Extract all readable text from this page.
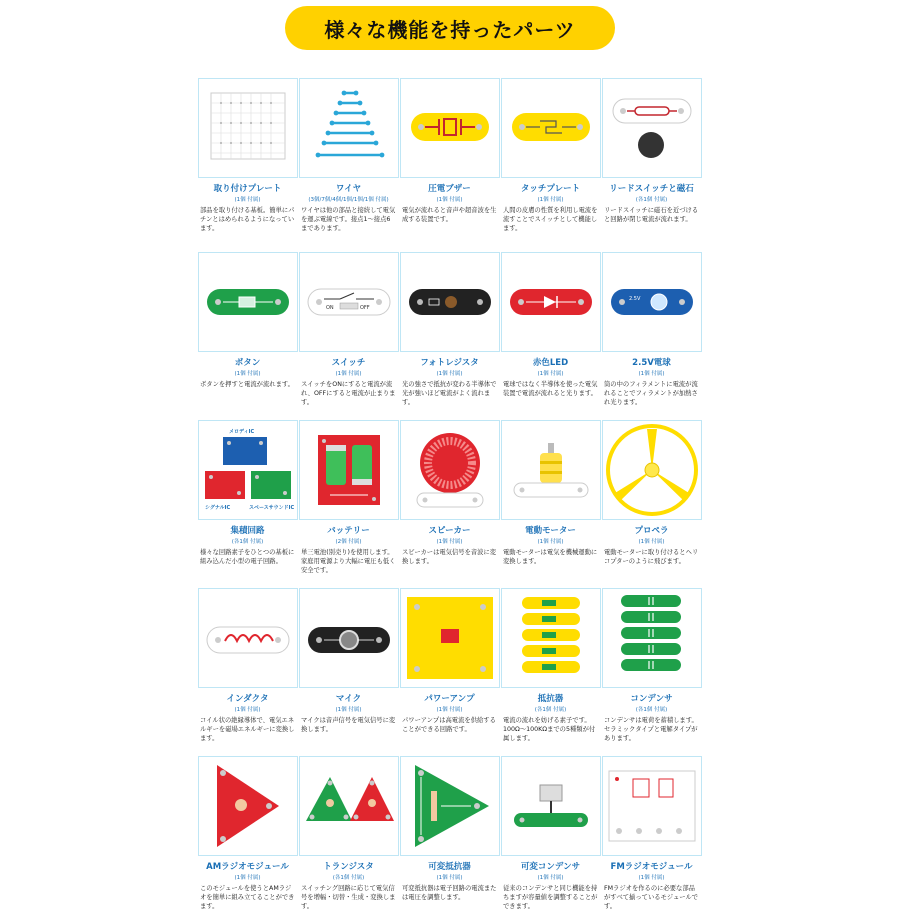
様々な機能を持ったパーツ
取り付けプレート
(1個 付属)
部品を取り付ける基板。簡単にパチンとはめられるようになっています。
ワイヤ
(3個/7個/4個/1個/1個/1個 付属)
ワイヤは他の部品と接続して電気を運ぶ電線です。接点1～接点6まであります。
圧電ブザー
(1個 付属)
電気が流れると音声や超音波を生成する装置です。
タッチプレート
(1個 付属)
人間の皮膚の性質を利用し電流を流すことでスイッチとして機能します。
リードスイッチと磁石
(各1個 付属)
リードスイッチに磁石を近づけると回路が閉じ電流が流れます。
ボタン
(1個 付属)
ボタンを押すと電流が流れます。
ON	OFF
スイッチ
(1個 付属)
スイッチをONにすると電流が流れ、OFFにすると電流が止まります。
フォトレジスタ
(1個 付属)
光の強さで抵抗が変わる半導体で光が強いほど電流がよく流れます。
赤色LED
(1個 付属)
電球ではなく半導体を使った電気装置で電流が流れると光ります。
2.5V
2.5V電球
(1個 付属)
筒の中のフィラメントに電流が流れることでフィラメントが加熱され光ります。
メロディIC
シグナルIC	スペースサウンドIC
集積回路
(各1個 付属)
様々な回路素子をひとつの基板に組み込んだ小型の電子回路。
バッテリー
(2個 付属)
単三電池(別売り)を使用します。家庭用電源より大幅に電圧も低く安全です。
スピーカー
(1個 付属)
スピーカーは電気信号を音波に変換します。
電動モーター
(1個 付属)
電動モーターは電気を機械運動に変換します。
プロペラ
(1個 付属)
電動モーターに取り付けるとヘリコプターのように飛びます。
インダクタ
(1個 付属)
コイル状の絶縁導体で、電気エネルギーを磁場エネルギーに変換します。
マイク
(1個 付属)
マイクは音声信号を電気信号に変換します。
パワーアンプ
(1個 付属)
パワーアンプは高電流を供給することができる回路です。
抵抗器
(各1個 付属)
電流の流れを妨げる素子です。100Ω～100KΩまでの5種類が付属します。
コンデンサ
(各1個 付属)
コンデンサは電荷を蓄積します。セラミックタイプと電解タイプがあります。
AMラジオモジュール
(1個 付属)
このモジュールを使うとAMラジオを簡単に組み立てることができます。
トランジスタ
(各1個 付属)
スイッチング回路に応じて電気信号を増幅・切替・生成・変換します。
可変抵抗器
(1個 付属)
可変抵抗器は電子回路の電流または電圧を調整します。
可変コンデンサ
(1個 付属)
従来のコンデンサと同じ機能を持ちますが容量値を調整することができます。
FMラジオモジュール
(1個 付属)
FMラジオを作るのに必要な部品がすべて揃っているモジュールです。
